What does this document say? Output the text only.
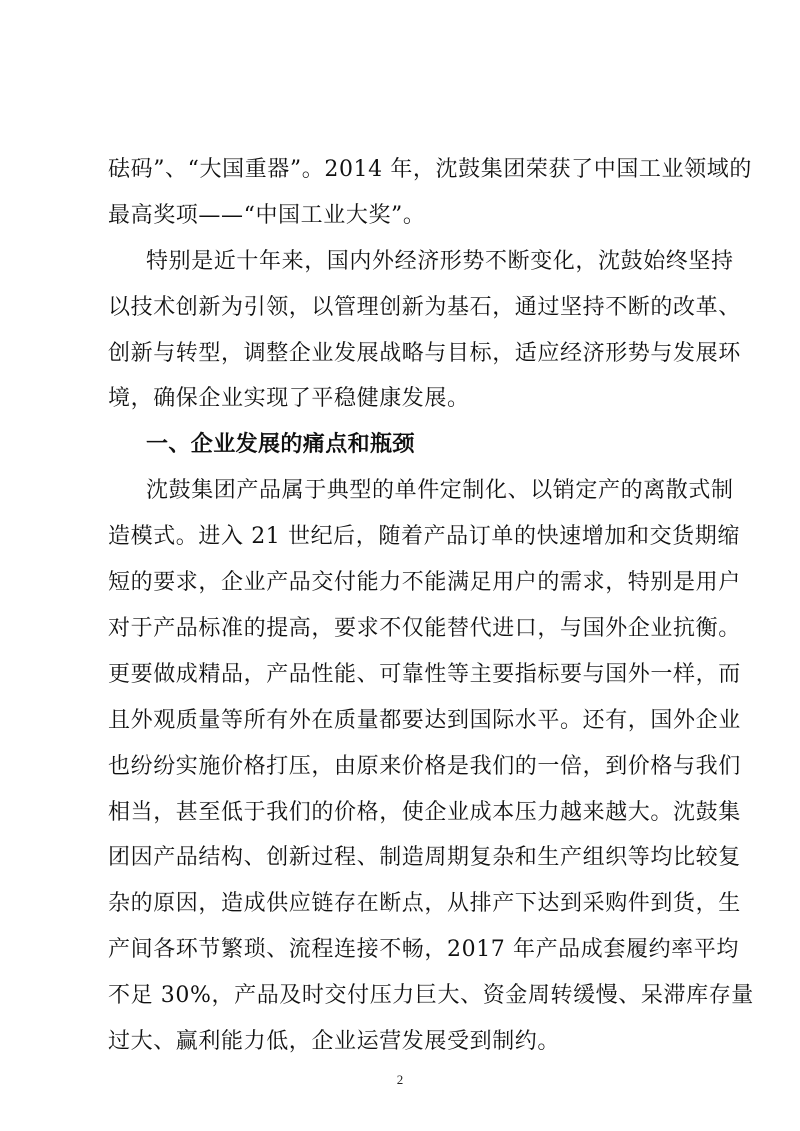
砝码”、“大国重器”。2014 年，沈鼓集团荣获了中国工业领域的
最高奖项——“中国工业大奖”。
特别是近十年来，国内外经济形势不断变化，沈鼓始终坚持
以技术创新为引领，以管理创新为基石，通过坚持不断的改革、
创新与转型，调整企业发展战略与目标，适应经济形势与发展环
境，确保企业实现了平稳健康发展。
一、企业发展的痛点和瓶颈
沈鼓集团产品属于典型的单件定制化、以销定产的离散式制
造模式。进入 21 世纪后，随着产品订单的快速增加和交货期缩
短的要求，企业产品交付能力不能满足用户的需求，特别是用户
对于产品标准的提高，要求不仅能替代进口，与国外企业抗衡。
更要做成精品，产品性能、可靠性等主要指标要与国外一样，而
且外观质量等所有外在质量都要达到国际水平。还有，国外企业
也纷纷实施价格打压，由原来价格是我们的一倍，到价格与我们
相当，甚至低于我们的价格，使企业成本压力越来越大。沈鼓集
团因产品结构、创新过程、制造周期复杂和生产组织等均比较复
杂的原因，造成供应链存在断点，从排产下达到采购件到货，生
产间各环节繁琐、流程连接不畅，2017 年产品成套履约率平均
不足 30%，产品及时交付压力巨大、资金周转缓慢、呆滞库存量
过大、赢利能力低，企业运营发展受到制约。
2
